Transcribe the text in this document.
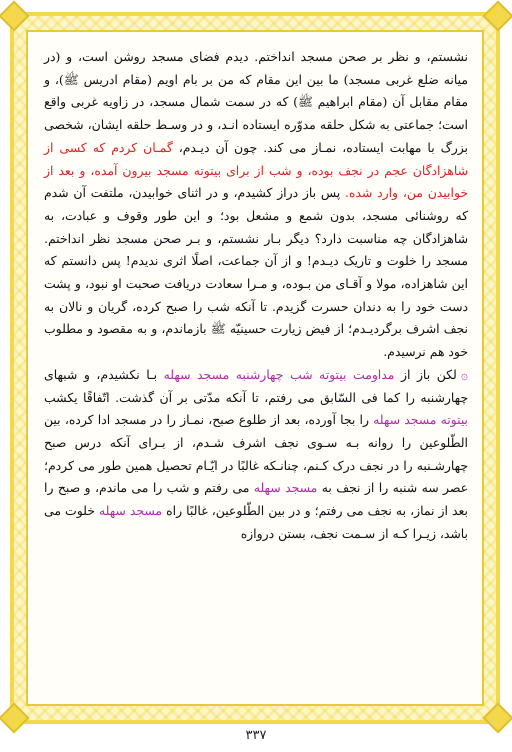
نشستم، و نظر بر صحن مسجد انداختم. دیدم فضای مسجد روشن است، و (در میانه ضلع غربی مسجد) ما بین این مقام که من بر بام اویم (مقام ادریس ﷺ)، و مقام مقابل آن (مقام ابراهیم ﷺ) که در سمت شمال مسجد، در زاویه غربی واقع است؛ جماعتی به شکل حلقه مدوّره ایستاده انـد، و در وسـط حلقه ایشان، شخصی بزرگ با مهابت ایستاده، نمـاز می کند. چون آن دیـدم، گمـان کردم که کسی از شاهزادگان عجم در نجف بوده، و شب از برای بیتوته مسجد بیرون آمده، و بعد از خوابیدن من، وارد شده. پس باز دراز کشیدم، و در اثنای خوابیدن، ملتفت آن شدم که روشنائی مسجد، بدون شمع و مشعل بود؛ و این طور وقوف و عبادت، به شاهزادگان چه مناسبت دارد؟ دیگر بـار نشستم، و بـر صحن مسجد نظر انداختم. مسجد را خلوت و تاریک دیـدم! و از آن جماعت، اصلًا اثری ندیدم! پس دانستم که این شاهزاده، مولا و آقـای من بـوده، و مـرا سعادت دریافت صحبت او نبود، و پشت دست خود را به دندان حسرت گزیدم. تا آنکه شب را صبح کرده، گریان و نالان به نجف اشرف برگردیـدم؛ از فیض زیارت حسینیّه ﷺ بازماندم، و به مقصود و مطلوب خود هم نرسیدم.

۞لکن باز از مداومت بیتوته شب چهارشنبه مسجد سهله بـا نکشیدم، و شبهای چهارشنبه را کما فی السّابق می رفتم، تا آنکه مدّتی بر آن گذشت. اتّفاقًا یکشب بیتوته مسجد سهله را بجا آورده، بعد از طلوع صبح، نمـاز را در مسجد ادا کرده، بین الطّلوعین را روانه بـه سـوی نجف اشرف شـدم، از بـرای آنکه درس صبح چهارشـنبه را در نجف درک کـنم، چنانـکه غالبًا در ایّـام تحصیل همین طور می کردم؛ عصر سه شنبه را از نجف به مسجد سهله می رفتم و شب را می ماندم، و صبح را بعد از نماز، به نجف می رفتم؛ و در بین الطّلوعین، غالبًا راه مسجد سهله خلوت می باشد، زیـرا کـه از سـمت نجف، بستن دروازه

۳۳۷
